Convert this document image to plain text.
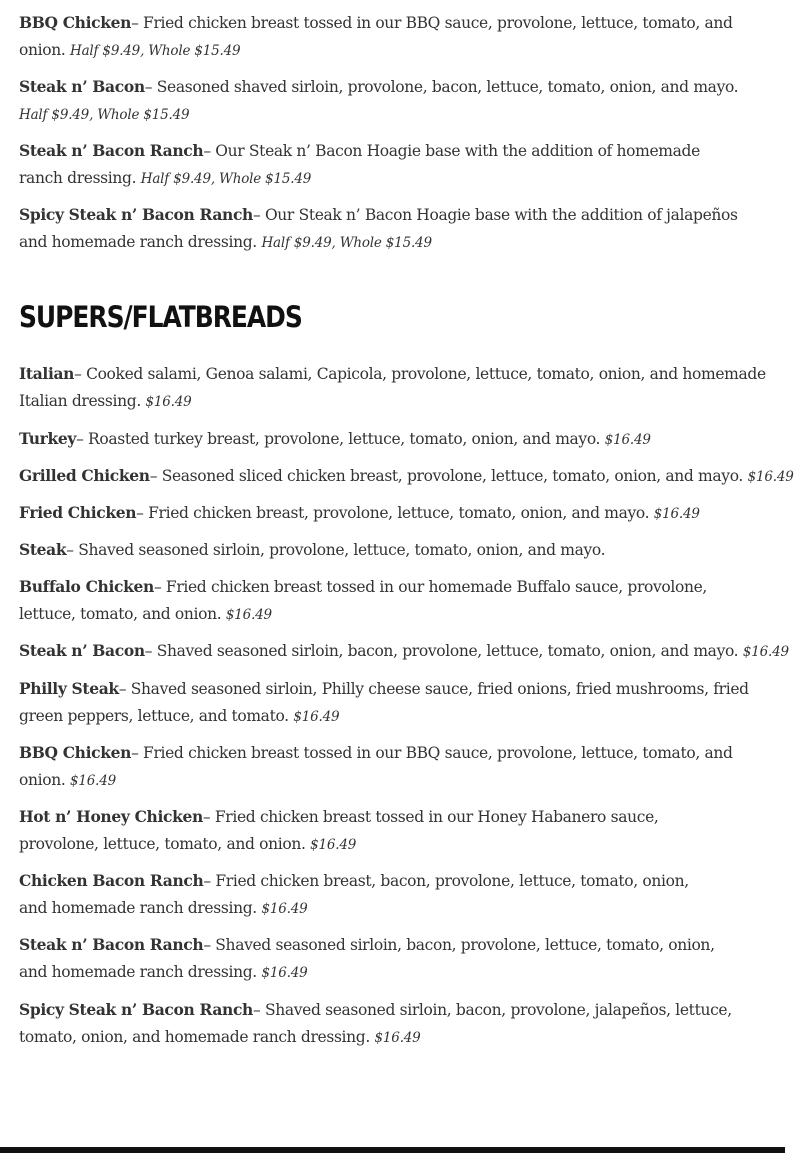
BBQ Chicken– Fried chicken breast tossed in our BBQ sauce, provolone, lettuce, tomato, and onion. Half $9.49, Whole $15.49

Steak n’ Bacon– Seasoned shaved sirloin, provolone, bacon, lettuce, tomato, onion, and mayo. Half $9.49, Whole $15.49

Steak n’ Bacon Ranch– Our Steak n’ Bacon Hoagie base with the addition of homemade ranch dressing. Half $9.49, Whole $15.49

Spicy Steak n’ Bacon Ranch– Our Steak n’ Bacon Hoagie base with the addition of jalapeños and homemade ranch dressing. Half $9.49, Whole $15.49

SUPERS/FLATBREADS

Italian– Cooked salami, Genoa salami, Capicola, provolone, lettuce, tomato, onion, and homemade Italian dressing. $16.49

Turkey– Roasted turkey breast, provolone, lettuce, tomato, onion, and mayo. $16.49

Grilled Chicken– Seasoned sliced chicken breast, provolone, lettuce, tomato, onion, and mayo. $16.49

Fried Chicken– Fried chicken breast, provolone, lettuce, tomato, onion, and mayo. $16.49

Steak– Shaved seasoned sirloin, provolone, lettuce, tomato, onion, and mayo.

Buffalo Chicken– Fried chicken breast tossed in our homemade Buffalo sauce, provolone, lettuce, tomato, and onion. $16.49

Steak n’ Bacon– Shaved seasoned sirloin, bacon, provolone, lettuce, tomato, onion, and mayo. $16.49

Philly Steak– Shaved seasoned sirloin, Philly cheese sauce, fried onions, fried mushrooms, fried green peppers, lettuce, and tomato. $16.49

BBQ Chicken– Fried chicken breast tossed in our BBQ sauce, provolone, lettuce, tomato, and onion. $16.49

Hot n’ Honey Chicken– Fried chicken breast tossed in our Honey Habanero sauce, provolone, lettuce, tomato, and onion. $16.49

Chicken Bacon Ranch– Fried chicken breast, bacon, provolone, lettuce, tomato, onion, and homemade ranch dressing. $16.49

Steak n’ Bacon Ranch– Shaved seasoned sirloin, bacon, provolone, lettuce, tomato, onion, and homemade ranch dressing. $16.49

Spicy Steak n’ Bacon Ranch– Shaved seasoned sirloin, bacon, provolone, jalapeños, lettuce, tomato, onion, and homemade ranch dressing. $16.49
